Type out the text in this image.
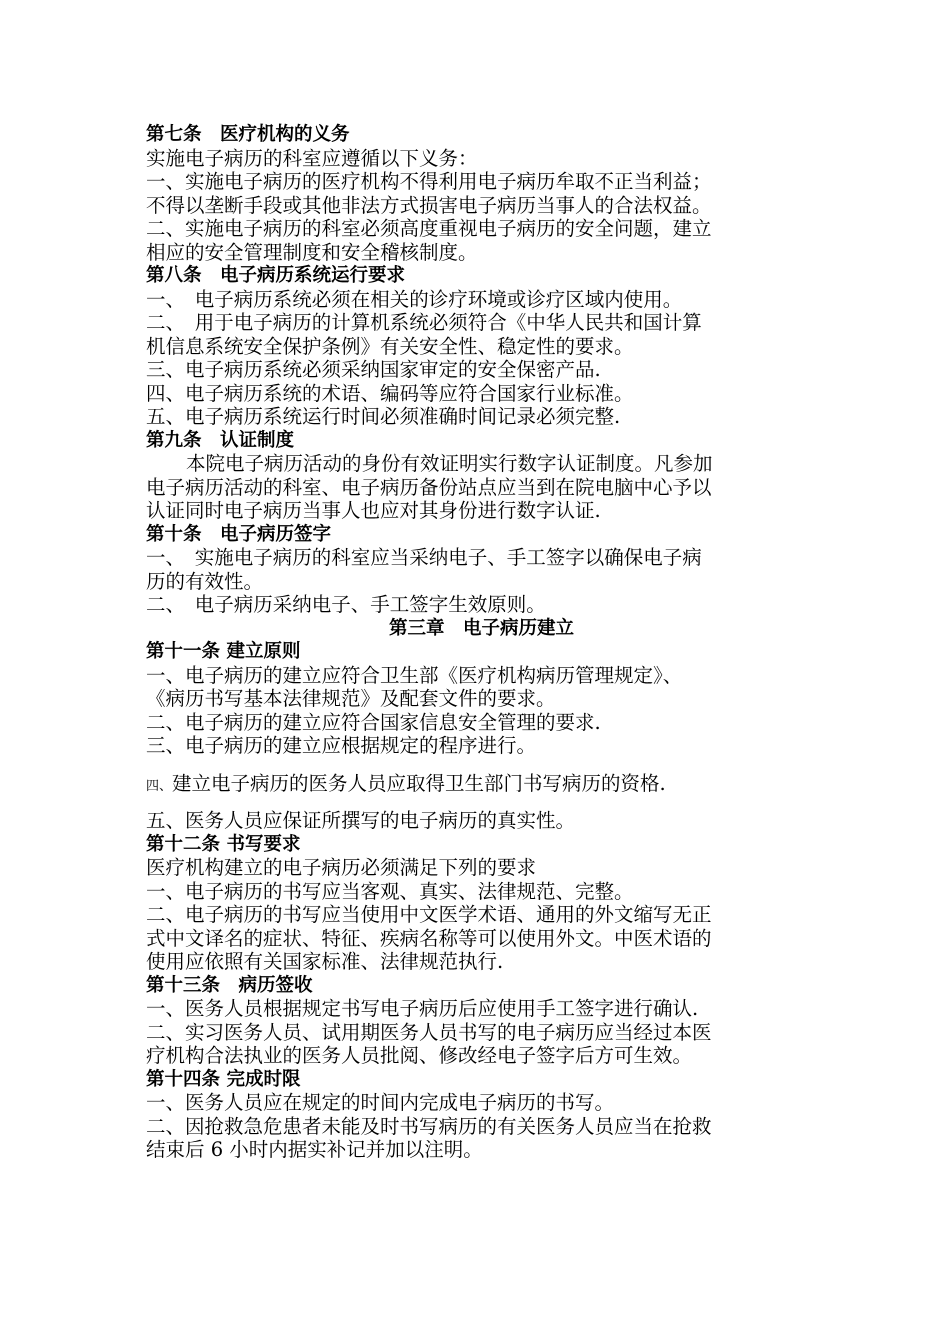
第七条　医疗机构的义务
实施电子病历的科室应遵循以下义务：
一、实施电子病历的医疗机构不得利用电子病历牟取不正当利益；
不得以垄断手段或其他非法方式损害电子病历当事人的合法权益。
二、实施电子病历的科室必须高度重视电子病历的安全问题，建立
相应的安全管理制度和安全稽核制度。
第八条　电子病历系统运行要求
一、　电子病历系统必须在相关的诊疗环境或诊疗区域内使用。
二、　用于电子病历的计算机系统必须符合《中华人民共和国计算
机信息系统安全保护条例》有关安全性、稳定性的要求。
三、电子病历系统必须采纳国家审定的安全保密产品.
四、电子病历系统的术语、编码等应符合国家行业标准。
五、电子病历系统运行时间必须准确时间记录必须完整.
第九条　认证制度
本院电子病历活动的身份有效证明实行数字认证制度。凡参加
电子病历活动的科室、电子病历备份站点应当到在院电脑中心予以
认证同时电子病历当事人也应对其身份进行数字认证.
第十条　电子病历签字
一、　实施电子病历的科室应当采纳电子、手工签字以确保电子病
历的有效性。
二、　电子病历采纳电子、手工签字生效原则。
第三章　电子病历建立
第十一条 建立原则
一、电子病历的建立应符合卫生部《医疗机构病历管理规定》、
《病历书写基本法律规范》及配套文件的要求。
二、电子病历的建立应符合国家信息安全管理的要求.
三、电子病历的建立应根据规定的程序进行。
四、建立电子病历的医务人员应取得卫生部门书写病历的资格.
五、医务人员应保证所撰写的电子病历的真实性。
第十二条 书写要求
医疗机构建立的电子病历必须满足下列的要求
一、电子病历的书写应当客观、真实、法律规范、完整。
二、电子病历的书写应当使用中文医学术语、通用的外文缩写无正
式中文译名的症状、特征、疾病名称等可以使用外文。中医术语的
使用应依照有关国家标准、法律规范执行.
第十三条　病历签收
一、医务人员根据规定书写电子病历后应使用手工签字进行确认.
二、实习医务人员、试用期医务人员书写的电子病历应当经过本医
疗机构合法执业的医务人员批阅、修改经电子签字后方可生效。
第十四条 完成时限
一、医务人员应在规定的时间内完成电子病历的书写。
二、因抢救急危患者未能及时书写病历的有关医务人员应当在抢救
结束后 6 小时内据实补记并加以注明。
